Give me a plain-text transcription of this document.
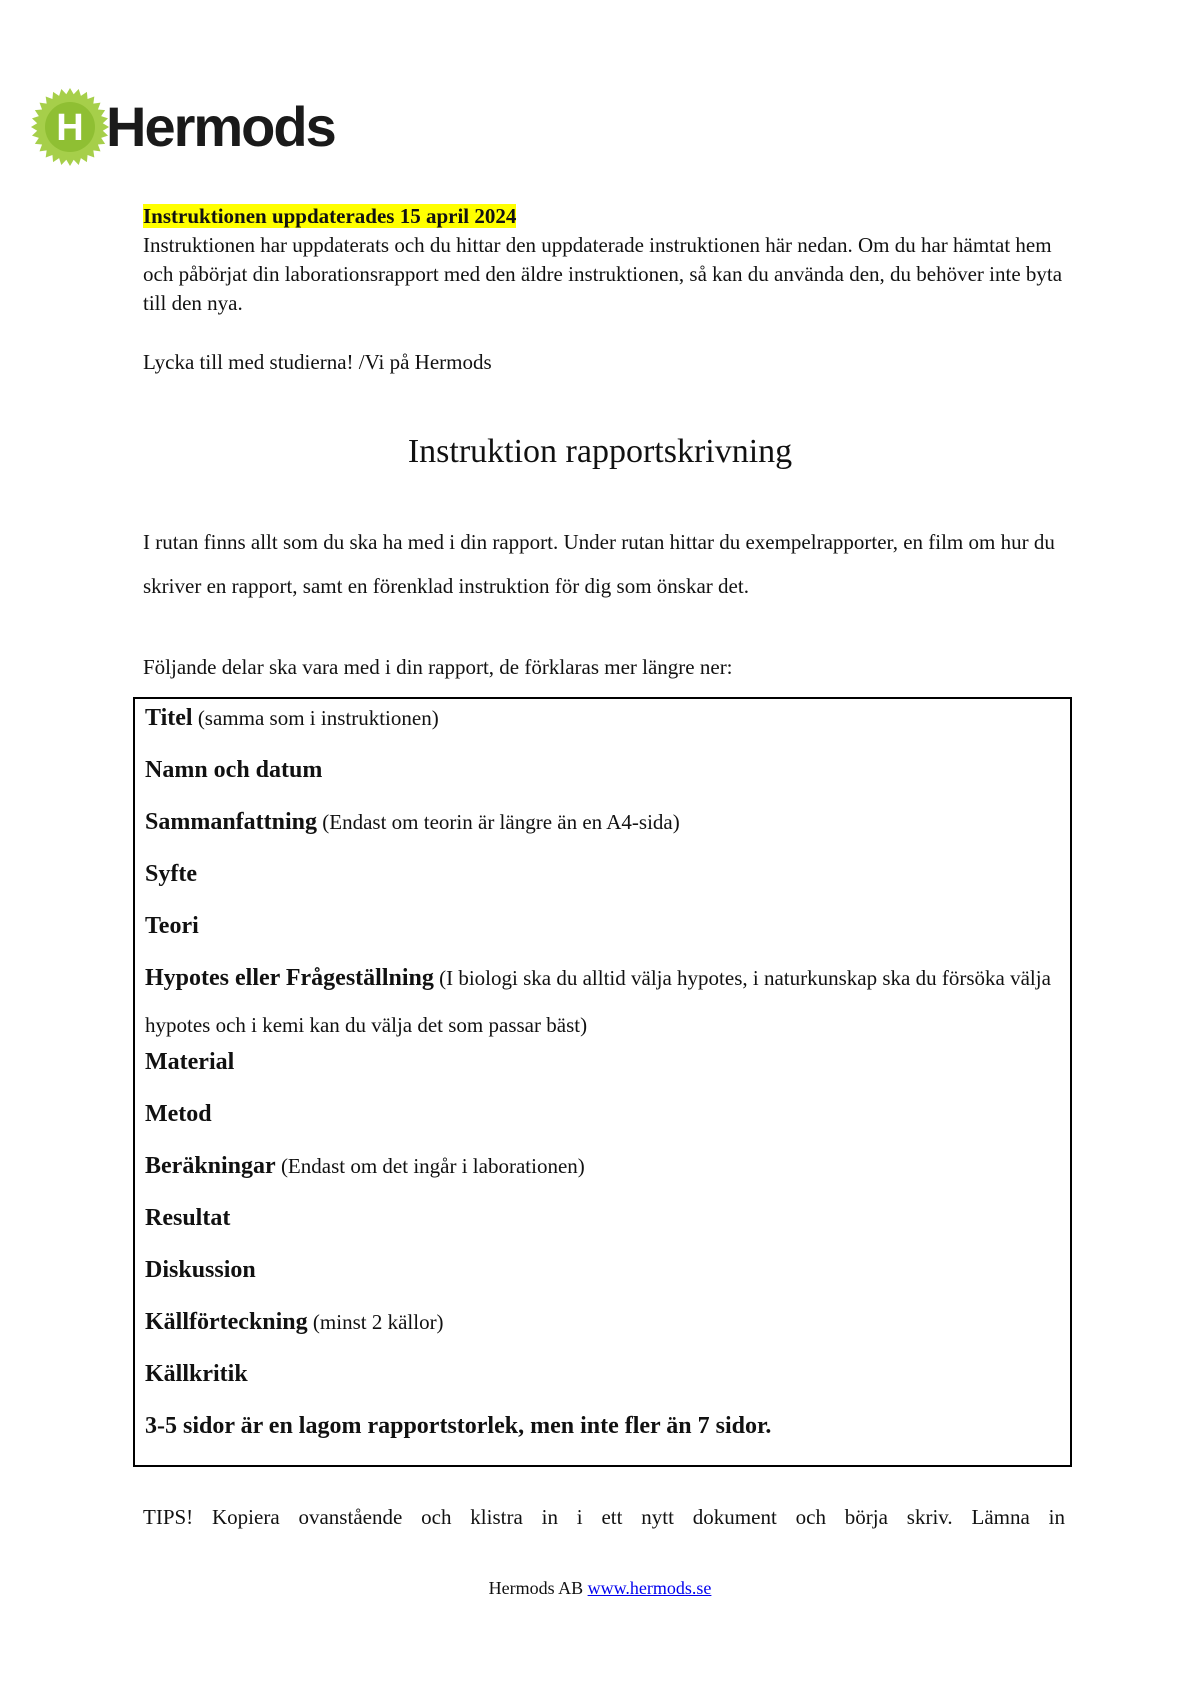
H Hermods
Instruktionen uppdaterades 15 april 2024

Instruktionen har uppdaterats och du hittar den uppdaterade instruktionen här nedan. Om du har hämtat hem och påbörjat din laborationsrapport med den äldre instruktionen, så kan du använda den, du behöver inte byta till den nya.

Lycka till med studierna! /Vi på Hermods
Instruktion rapportskrivning
I rutan finns allt som du ska ha med i din rapport. Under rutan hittar du exempelrapporter, en film om hur du skriver en rapport, samt en förenklad instruktion för dig som önskar det.
Följande delar ska vara med i din rapport, de förklaras mer längre ner:
Titel (samma som i instruktionen)
Namn och datum
Sammanfattning (Endast om teorin är längre än en A4-sida)
Syfte
Teori
Hypotes eller Frågeställning (I biologi ska du alltid välja hypotes, i naturkunskap ska du försöka välja hypotes och i kemi kan du välja det som passar bäst)
Material
Metod
Beräkningar (Endast om det ingår i laborationen)
Resultat
Diskussion
Källförteckning (minst 2 källor)
Källkritik
3-5 sidor är en lagom rapportstorlek, men inte fler än 7 sidor.
TIPS! Kopiera ovanstående och klistra in i ett nytt dokument och börja skriv. Lämna in
Hermods AB www.hermods.se
